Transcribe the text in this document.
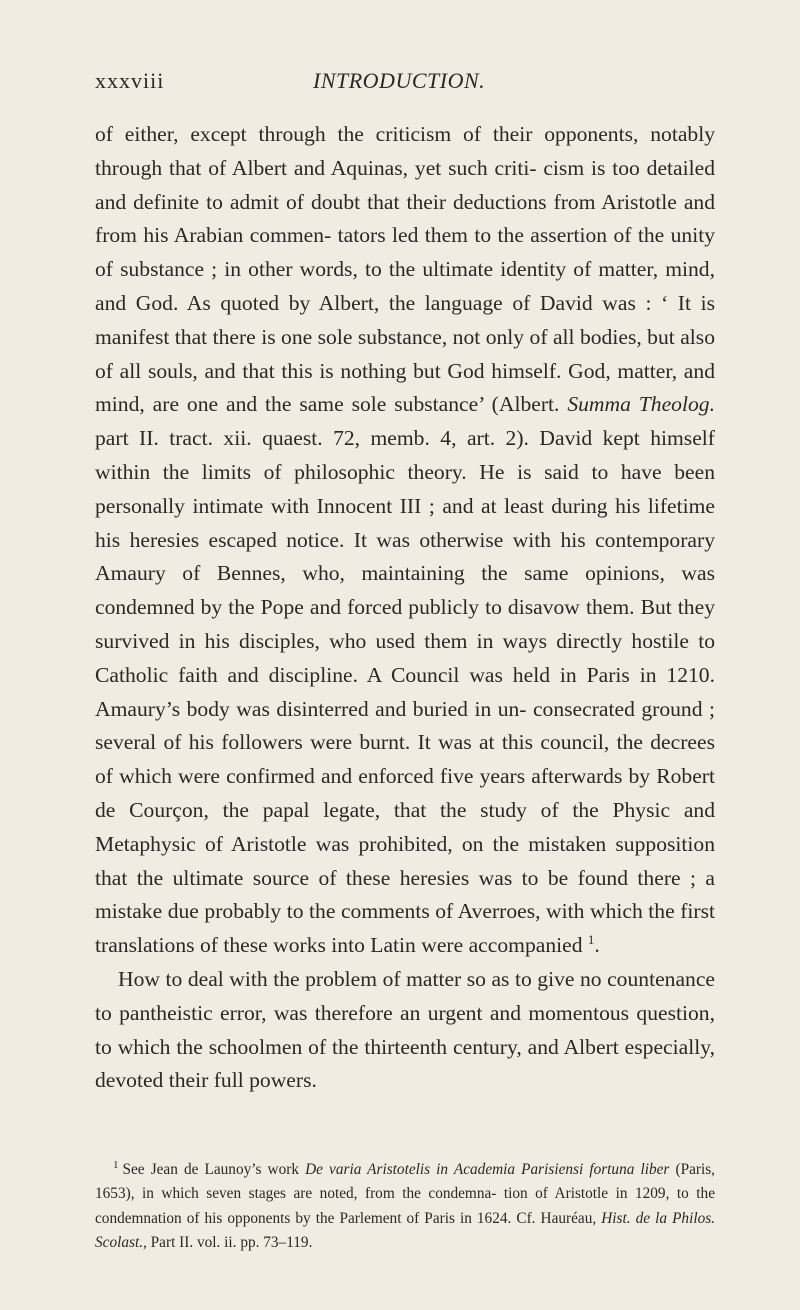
xxxviii	INTRODUCTION.

of either, except through the criticism of their opponents, notably through that of Albert and Aquinas, yet such criti- cism is too detailed and definite to admit of doubt that their deductions from Aristotle and from his Arabian commen- tators led them to the assertion of the unity of substance ; in other words, to the ultimate identity of matter, mind, and God. As quoted by Albert, the language of David was : ‘ It is manifest that there is one sole substance, not only of all bodies, but also of all souls, and that this is nothing but God himself. God, matter, and mind, are one and the same sole substance’ (Albert. Summa Theolog. part II. tract. xii. quaest. 72, memb. 4, art. 2). David kept himself within the limits of philosophic theory. He is said to have been personally intimate with Innocent III ; and at least during his lifetime his heresies escaped notice. It was otherwise with his contemporary Amaury of Bennes, who, maintaining the same opinions, was condemned by the Pope and forced publicly to disavow them. But they survived in his disciples, who used them in ways directly hostile to Catholic faith and discipline. A Council was held in Paris in 1210. Amaury’s body was disinterred and buried in un- consecrated ground ; several of his followers were burnt. It was at this council, the decrees of which were confirmed and enforced five years afterwards by Robert de Courçon, the papal legate, that the study of the Physic and Metaphysic of Aristotle was prohibited, on the mistaken supposition that the ultimate source of these heresies was to be found there ; a mistake due probably to the comments of Averroes, with which the first translations of these works into Latin were accompanied $^1$.

How to deal with the problem of matter so as to give no countenance to pantheistic error, was therefore an urgent and momentous question, to which the schoolmen of the thirteenth century, and Albert especially, devoted their full powers.

$^1$ See Jean de Launoy’s work De varia Aristotelis in Academia Parisiensi fortuna liber (Paris, 1653), in which seven stages are noted, from the condemna- tion of Aristotle in 1209, to the condemnation of his opponents by the Parlement of Paris in 1624. Cf. Hauréau, Hist. de la Philos. Scolast., Part II. vol. ii. pp. 73–119.
